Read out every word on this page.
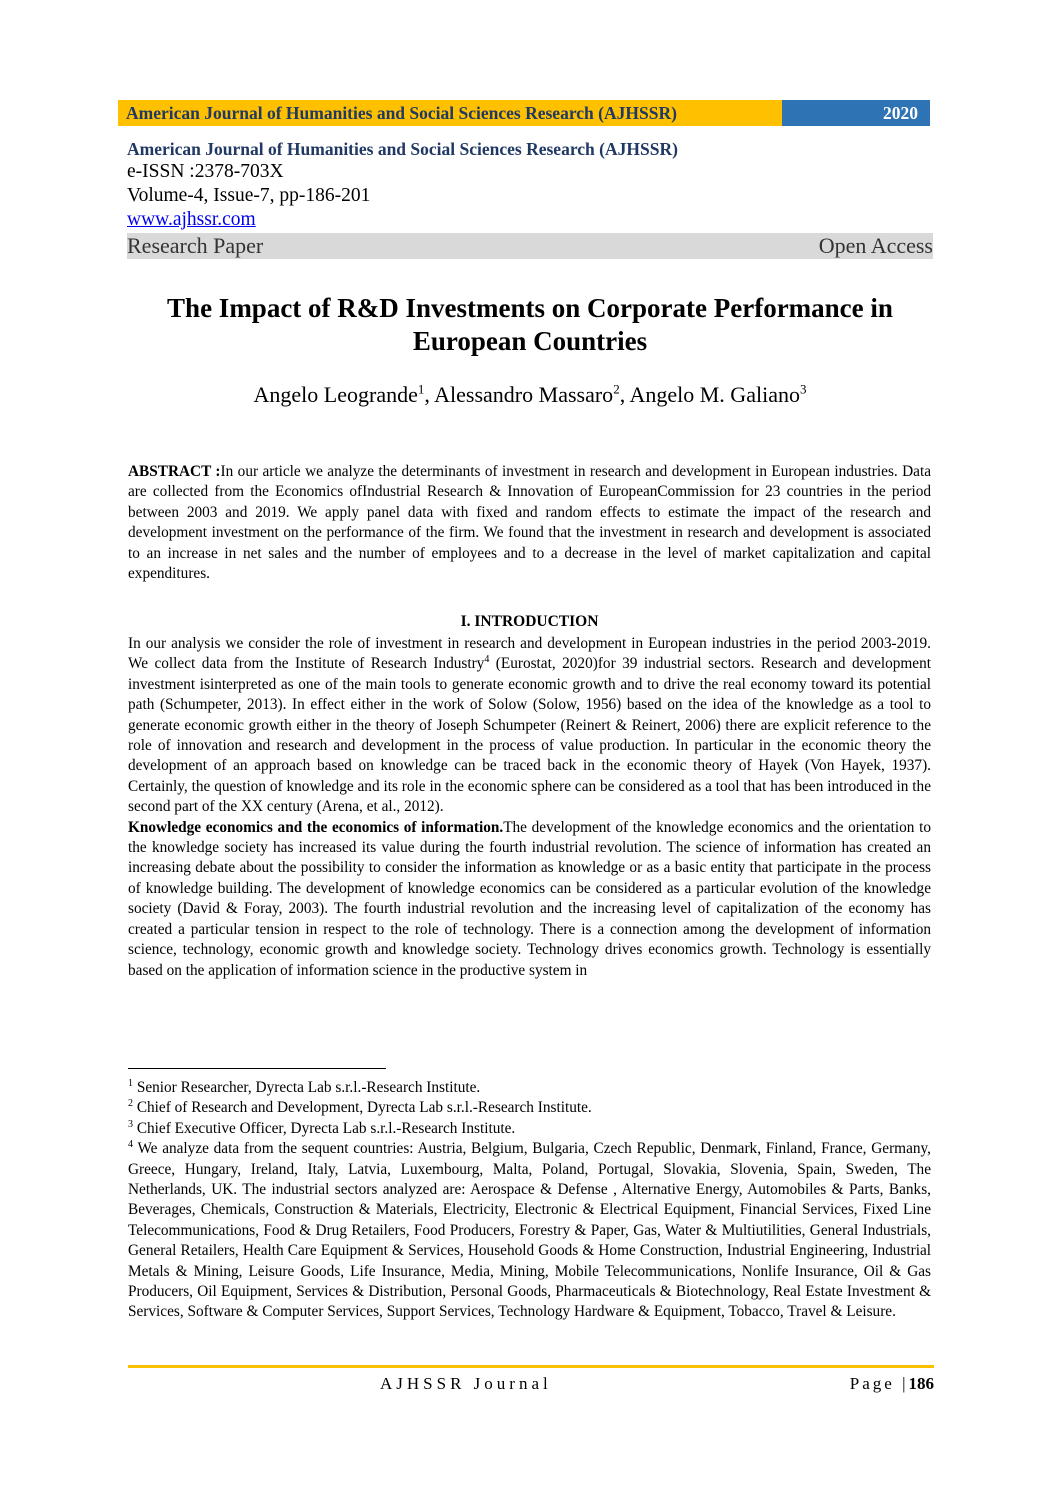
American Journal of Humanities and Social Sciences Research (AJHSSR)	2020
American Journal of Humanities and Social Sciences Research (AJHSSR)
e-ISSN :2378-703X
Volume-4, Issue-7, pp-186-201
www.ajhssr.com
Research Paper	Open Access
The Impact of R&D Investments on Corporate Performance in
European Countries
Angelo Leogrande$^1$, Alessandro Massaro$^2$, Angelo M. Galiano$^3$
ABSTRACT :In our article we analyze the determinants of investment in research and development in European industries. Data are collected from the Economics ofIndustrial Research & Innovation of EuropeanCommission for 23 countries in the period between 2003 and 2019. We apply panel data with fixed and random effects to estimate the impact of the research and development investment on the performance of the firm. We found that the investment in research and development is associated to an increase in net sales and the number of employees and to a decrease in the level of market capitalization and capital expenditures.
I. INTRODUCTION
In our analysis we consider the role of investment in research and development in European industries in the period 2003-2019. We collect data from the Institute of Research Industry$^4$ (Eurostat, 2020)for 39 industrial sectors. Research and development investment isinterpreted as one of the main tools to generate economic growth and to drive the real economy toward its potential path (Schumpeter, 2013). In effect either in the work of Solow (Solow, 1956) based on the idea of the knowledge as a tool to generate economic growth either in the theory of Joseph Schumpeter (Reinert & Reinert, 2006) there are explicit reference to the role of innovation and research and development in the process of value production. In particular in the economic theory the development of an approach based on knowledge can be traced back in the economic theory of Hayek (Von Hayek, 1937). Certainly, the question of knowledge and its role in the economic sphere can be considered as a tool that has been introduced in the second part of the XX century (Arena, et al., 2012).
Knowledge economics and the economics of information.The development of the knowledge economics and the orientation to the knowledge society has increased its value during the fourth industrial revolution. The science of information has created an increasing debate about the possibility to consider the information as knowledge or as a basic entity that participate in the process of knowledge building. The development of knowledge economics can be considered as a particular evolution of the knowledge society (David & Foray, 2003). The fourth industrial revolution and the increasing level of capitalization of the economy has created a particular tension in respect to the role of technology. There is a connection among the development of information science, technology, economic growth and knowledge society. Technology drives economics growth. Technology is essentially based on the application of information science in the productive system in

$^1$ Senior Researcher, Dyrecta Lab s.r.l.-Research Institute.

$^2$ Chief of Research and Development, Dyrecta Lab s.r.l.-Research Institute.

$^3$ Chief Executive Officer, Dyrecta Lab s.r.l.-Research Institute.

$^4$ We analyze data from the sequent countries: Austria, Belgium, Bulgaria, Czech Republic, Denmark, Finland, France, Germany, Greece, Hungary, Ireland, Italy, Latvia, Luxembourg, Malta, Poland, Portugal, Slovakia, Slovenia, Spain, Sweden, The Netherlands, UK. The industrial sectors analyzed are: Aerospace & Defense , Alternative Energy, Automobiles & Parts, Banks, Beverages, Chemicals, Construction & Materials, Electricity, Electronic & Electrical Equipment, Financial Services, Fixed Line Telecommunications, Food & Drug Retailers, Food Producers, Forestry & Paper, Gas, Water & Multiutilities, General Industrials, General Retailers, Health Care Equipment & Services, Household Goods & Home Construction, Industrial Engineering, Industrial Metals & Mining, Leisure Goods, Life Insurance, Media, Mining, Mobile Telecommunications, Nonlife Insurance, Oil & Gas Producers, Oil Equipment, Services & Distribution, Personal Goods, Pharmaceuticals & Biotechnology, Real Estate Investment & Services, Software & Computer Services, Support Services, Technology Hardware & Equipment, Tobacco, Travel & Leisure.

AJHSSR Journal	Page |186
